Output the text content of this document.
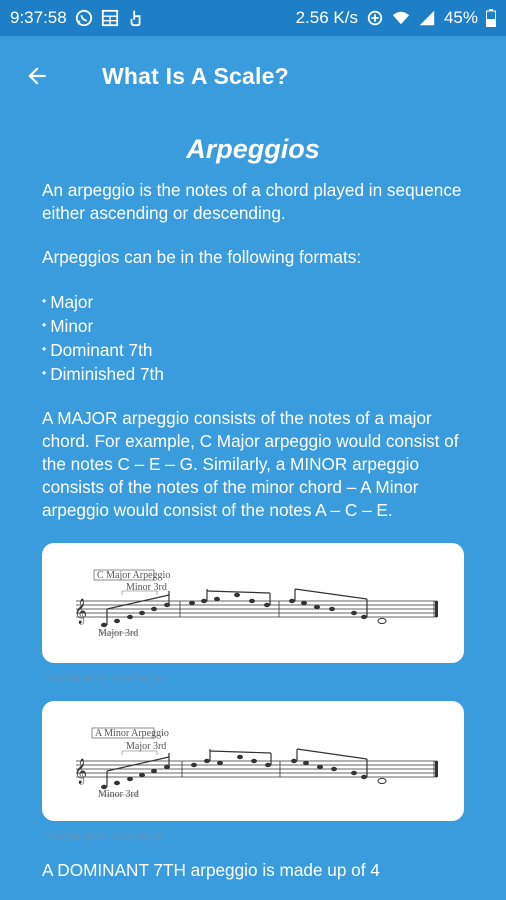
9:37:58	2.56 K/s	45%
What Is A Scale?
Arpeggios

An arpeggio is the notes of a chord played in sequence either ascending or descending.

Arpeggios can be in the following formats:

• Major
• Minor
• Dominant 7th
• Diminished 7th

A MAJOR arpeggio consists of the notes of a major chord. For example, C Major arpeggio would consist of the notes C – E – G. Similarly, a MINOR arpeggio consists of the notes of the minor chord – A Minor arpeggio would consist of the notes A – C – E.

C Major Arpeggio
Minor 3rd
Major 3rd
𝄞
Double click to enlarge
A Minor Arpeggio
Major 3rd
Minor 3rd
𝄞
Double click to enlarge

A DOMINANT 7TH arpeggio is made up of 4
